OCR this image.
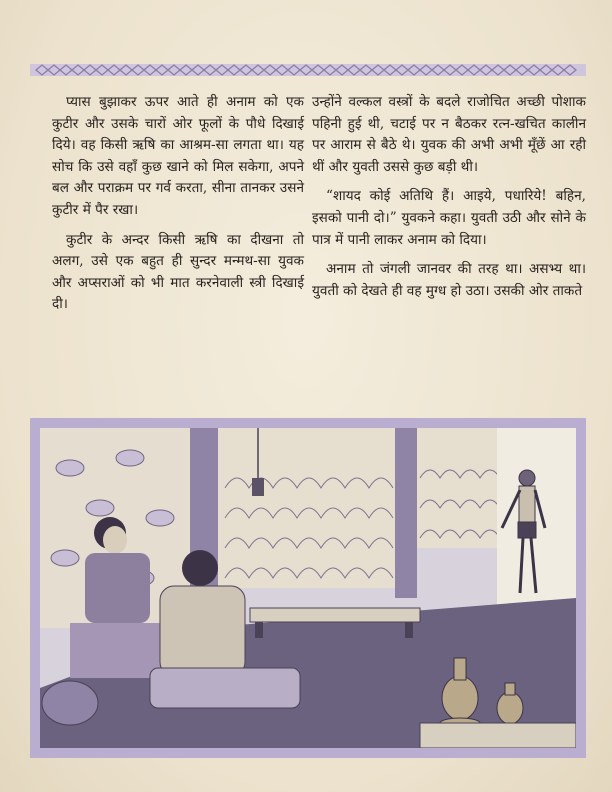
प्यास बुझाकर ऊपर आते ही अनाम को एक कुटीर और उसके चारों ओर फूलों के पौधे दिखाई दिये। वह किसी ऋषि का आश्रम-सा लगता था। यह सोच कि उसे वहाँ कुछ खाने को मिल सकेगा, अपने बल और पराक्रम पर गर्व करता, सीना तानकर उसने कुटीर में पैर रखा।

कुटीर के अन्दर किसी ऋषि का दीखना तो अलग, उसे एक बहुत ही सुन्दर मन्मथ-सा युवक और अप्सराओं को भी मात करनेवाली स्त्री दिखाई दी।

उन्होंने वल्कल वस्त्रों के बदले राजोचित अच्छी पोशाक पहिनी हुई थी, चटाई पर न बैठकर रत्न-खचित कालीन पर आराम से बैठे थे। युवक की अभी अभी मूँछें आ रही थीं और युवती उससे कुछ बड़ी थी।

“शायद कोई अतिथि हैं। आइये, पधारिये! बहिन, इसको पानी दो।” युवकने कहा। युवती उठी और सोने के पात्र में पानी लाकर अनाम को दिया।

अनाम तो जंगली जानवर की तरह था। असभ्य था। युवती को देखते ही वह मुग्ध हो उठा। उसकी ओर ताकते
